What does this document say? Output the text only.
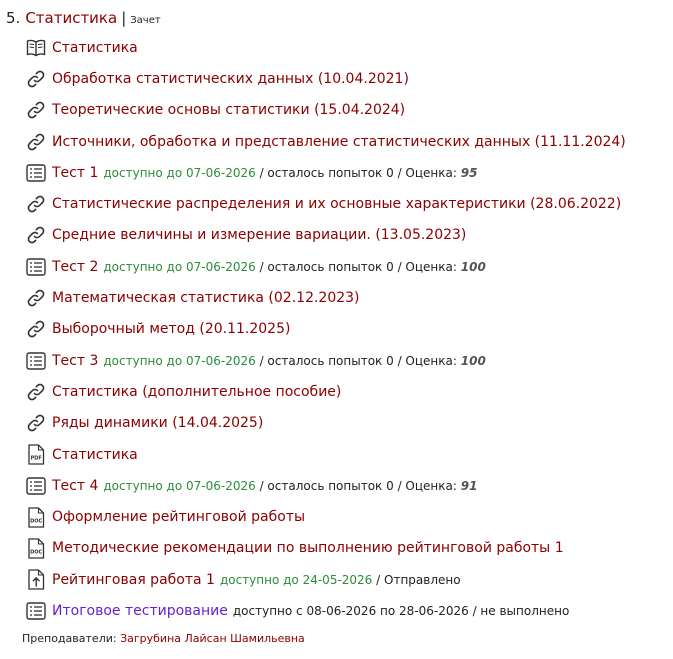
5. Статистика | Зачет
Статистика
Обработка статистических данных (10.04.2021)
Теоретические основы статистики (15.04.2024)
Источники, обработка и представление статистических данных (11.11.2024)
Тест 1 доступно до 07-06-2026 / осталось попыток 0 / Оценка: 95
Статистические распределения и их основные характеристики (28.06.2022)
Средние величины и измерение вариации. (13.05.2023)
Тест 2 доступно до 07-06-2026 / осталось попыток 0 / Оценка: 100
Математическая статистика (02.12.2023)
Выборочный метод (20.11.2025)
Тест 3 доступно до 07-06-2026 / осталось попыток 0 / Оценка: 100
Статистика (дополнительное пособие)
Ряды динамики (14.04.2025)
PDF Статистика
Тест 4 доступно до 07-06-2026 / осталось попыток 0 / Оценка: 91
DOC Оформление рейтинговой работы
DOC Методические рекомендации по выполнению рейтинговой работы 1
Рейтинговая работа 1 доступно до 24-05-2026 / Отправлено
Итоговое тестирование доступно с 08-06-2026 по 28-06-2026 / не выполнено
Преподаватели: Загрубина Лайсан Шамильевна
